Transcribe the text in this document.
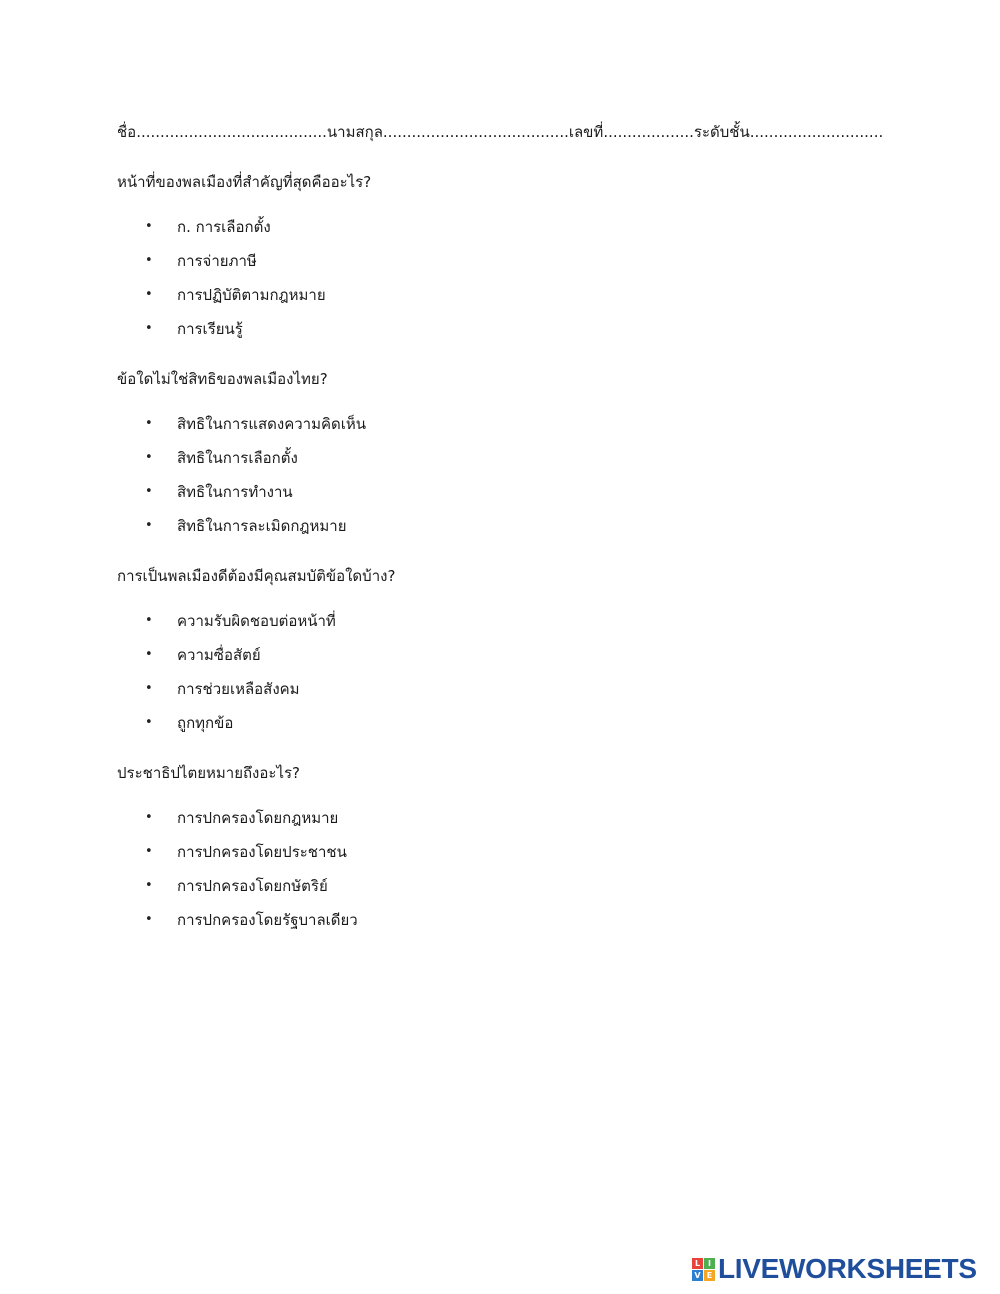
ชื่อ........................................นามสกุล.......................................เลขที่...................ระดับชั้น............................
หน้าที่ของพลเมืองที่สำคัญที่สุดคืออะไร?
•	ก. การเลือกตั้ง
•	การจ่ายภาษี
•	การปฏิบัติตามกฎหมาย
•	การเรียนรู้
ข้อใดไม่ใช่สิทธิของพลเมืองไทย?
•	สิทธิในการแสดงความคิดเห็น
•	สิทธิในการเลือกตั้ง
•	สิทธิในการทำงาน
•	สิทธิในการละเมิดกฎหมาย
การเป็นพลเมืองดีต้องมีคุณสมบัติข้อใดบ้าง?
•	ความรับผิดชอบต่อหน้าที่
•	ความซื่อสัตย์
•	การช่วยเหลือสังคม
•	ถูกทุกข้อ
ประชาธิปไตยหมายถึงอะไร?
•	การปกครองโดยกฎหมาย
•	การปกครองโดยประชาชน
•	การปกครองโดยกษัตริย์
•	การปกครองโดยรัฐบาลเดียว
L I
V E LIVEWORKSHEETS
